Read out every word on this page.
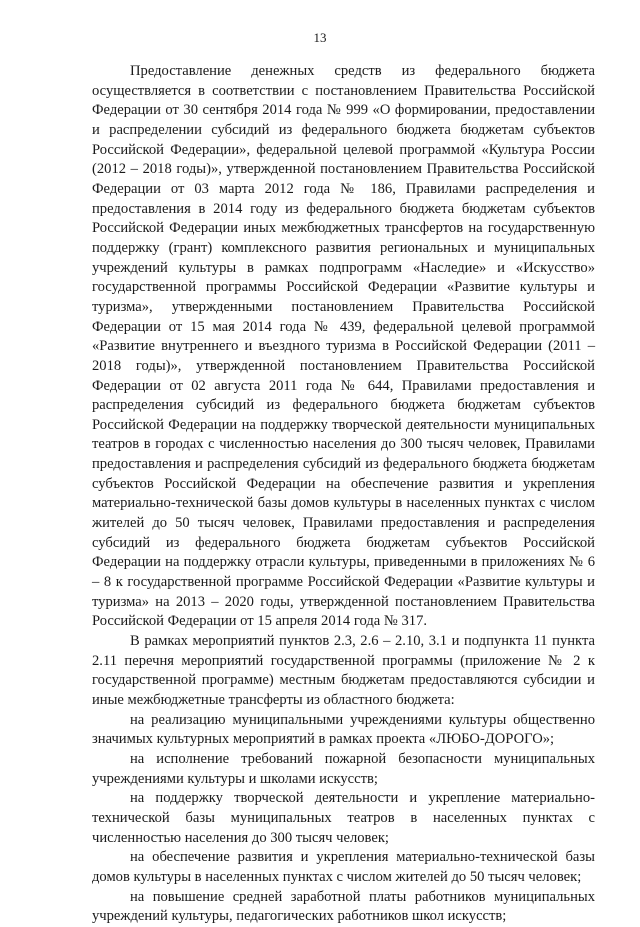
13

Предоставление денежных средств из федерального бюджета осуществляется в соответствии с постановлением Правительства Российской Федерации от 30 сентября 2014 года № 999 «О формировании, предоставлении и распределении субсидий из федерального бюджета бюджетам субъектов Российской Федерации», федеральной целевой программой «Культура России (2012 – 2018 годы)», утвержденной постановлением Правительства Российской Федерации от 03 марта 2012 года № 186, Правилами распределения и предоставления в 2014 году из федерального бюджета бюджетам субъектов Российской Федерации иных межбюджетных трансфертов на государственную поддержку (грант) комплексного развития региональных и муниципальных учреждений культуры в рамках подпрограмм «Наследие» и «Искусство» государственной программы Российской Федерации «Развитие культуры и туризма», утвержденными постановлением Правительства Российской Федерации от 15 мая 2014 года № 439, федеральной целевой программой «Развитие внутреннего и въездного туризма в Российской Федерации (2011 – 2018 годы)», утвержденной постановлением Правительства Российской Федерации от 02 августа 2011 года № 644, Правилами предоставления и распределения субсидий из федерального бюджета бюджетам субъектов Российской Федерации на поддержку творческой деятельности муниципальных театров в городах с численностью населения до 300 тысяч человек, Правилами предоставления и распределения субсидий из федерального бюджета бюджетам субъектов Российской Федерации на обеспечение развития и укрепления материально-технической базы домов культуры в населенных пунктах с числом жителей до 50 тысяч человек, Правилами предоставления и распределения субсидий из федерального бюджета бюджетам субъектов Российской Федерации на поддержку отрасли культуры, приведенными в приложениях № 6 – 8 к государственной программе Российской Федерации «Развитие культуры и туризма» на 2013 – 2020 годы, утвержденной постановлением Правительства Российской Федерации от 15 апреля 2014 года № 317.

В рамках мероприятий пунктов 2.3, 2.6 – 2.10, 3.1 и подпункта 11 пункта 2.11 перечня мероприятий государственной программы (приложение № 2 к государственной программе) местным бюджетам предоставляются субсидии и иные межбюджетные трансферты из областного бюджета:

на реализацию муниципальными учреждениями культуры общественно значимых культурных мероприятий в рамках проекта «ЛЮБО-ДОРОГО»;

на исполнение требований пожарной безопасности муниципальных учреждениями культуры и школами искусств;

на поддержку творческой деятельности и укрепление материально-технической базы муниципальных театров в населенных пунктах с численностью населения до 300 тысяч человек;

на обеспечение развития и укрепления материально-технической базы домов культуры в населенных пунктах с числом жителей до 50 тысяч человек;

на повышение средней заработной платы работников муниципальных учреждений культуры, педагогических работников школ искусств;
